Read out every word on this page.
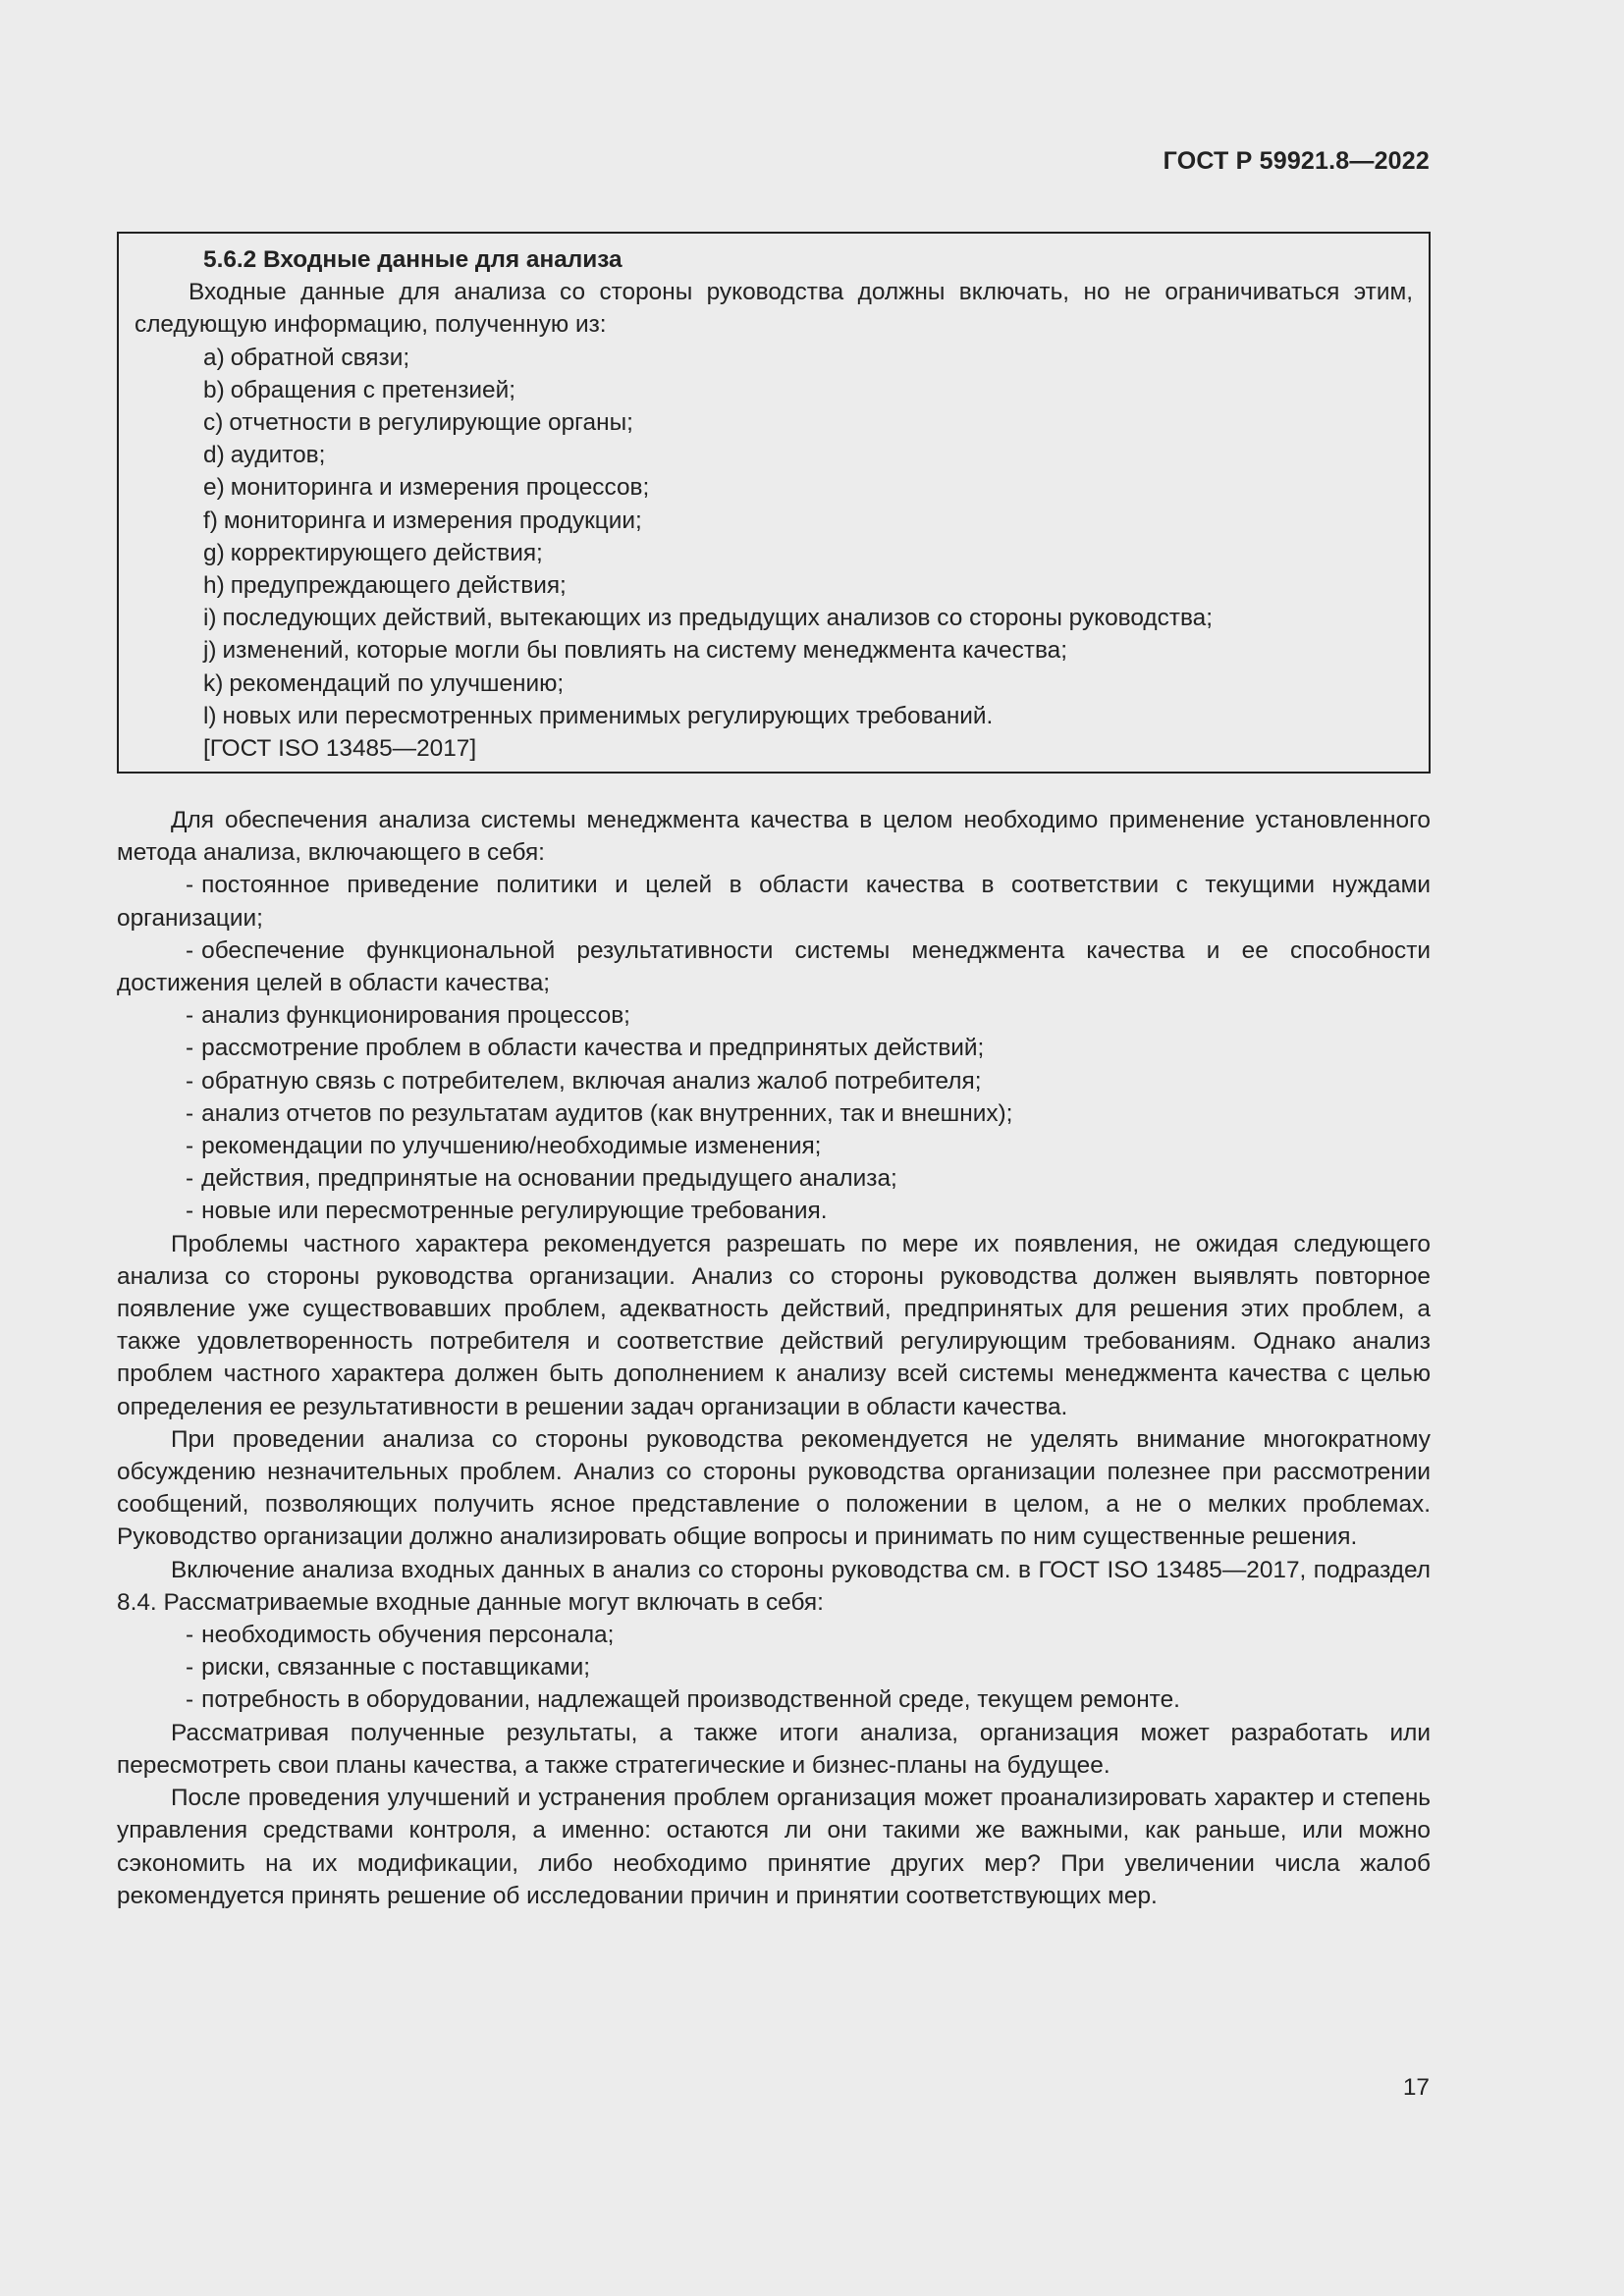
ГОСТ Р 59921.8—2022

5.6.2 Входные данные для анализа

Входные данные для анализа со стороны руководства должны включать, но не ограничиваться этим, следующую информацию, полученную из:

a) обратной связи;

b) обращения с претензией;

c) отчетности в регулирующие органы;

d) аудитов;

e) мониторинга и измерения процессов;

f) мониторинга и измерения продукции;

g) корректирующего действия;

h) предупреждающего действия;

i) последующих действий, вытекающих из предыдущих анализов со стороны руководства;

j) изменений, которые могли бы повлиять на систему менеджмента качества;

k) рекомендаций по улучшению;

l) новых или пересмотренных применимых регулирующих требований.

[ГОСТ ISO 13485—2017]

Для обеспечения анализа системы менеджмента качества в целом необходимо применение установленного метода анализа, включающего в себя:

- постоянное приведение политики и целей в области качества в соответствии с текущими нуждами организации;

- обеспечение функциональной результативности системы менеджмента качества и ее способности достижения целей в области качества;

- анализ функционирования процессов;

- рассмотрение проблем в области качества и предпринятых действий;

- обратную связь с потребителем, включая анализ жалоб потребителя;

- анализ отчетов по результатам аудитов (как внутренних, так и внешних);

- рекомендации по улучшению/необходимые изменения;

- действия, предпринятые на основании предыдущего анализа;

- новые или пересмотренные регулирующие требования.

Проблемы частного характера рекомендуется разрешать по мере их появления, не ожидая следующего анализа со стороны руководства организации. Анализ со стороны руководства должен выявлять повторное появление уже существовавших проблем, адекватность действий, предпринятых для решения этих проблем, а также удовлетворенность потребителя и соответствие действий регулирующим требованиям. Однако анализ проблем частного характера должен быть дополнением к анализу всей системы менеджмента качества с целью определения ее результативности в решении задач организации в области качества.

При проведении анализа со стороны руководства рекомендуется не уделять внимание многократному обсуждению незначительных проблем. Анализ со стороны руководства организации полезнее при рассмотрении сообщений, позволяющих получить ясное представление о положении в целом, а не о мелких проблемах. Руководство организации должно анализировать общие вопросы и принимать по ним существенные решения.

Включение анализа входных данных в анализ со стороны руководства см. в ГОСТ ISO 13485—2017, подраздел 8.4. Рассматриваемые входные данные могут включать в себя:

- необходимость обучения персонала;

- риски, связанные с поставщиками;

- потребность в оборудовании, надлежащей производственной среде, текущем ремонте.

Рассматривая полученные результаты, а также итоги анализа, организация может разработать или пересмотреть свои планы качества, а также стратегические и бизнес-планы на будущее.

После проведения улучшений и устранения проблем организация может проанализировать характер и степень управления средствами контроля, а именно: остаются ли они такими же важными, как раньше, или можно сэкономить на их модификации, либо необходимо принятие других мер? При увеличении числа жалоб рекомендуется принять решение об исследовании причин и принятии соответствующих мер.

17
